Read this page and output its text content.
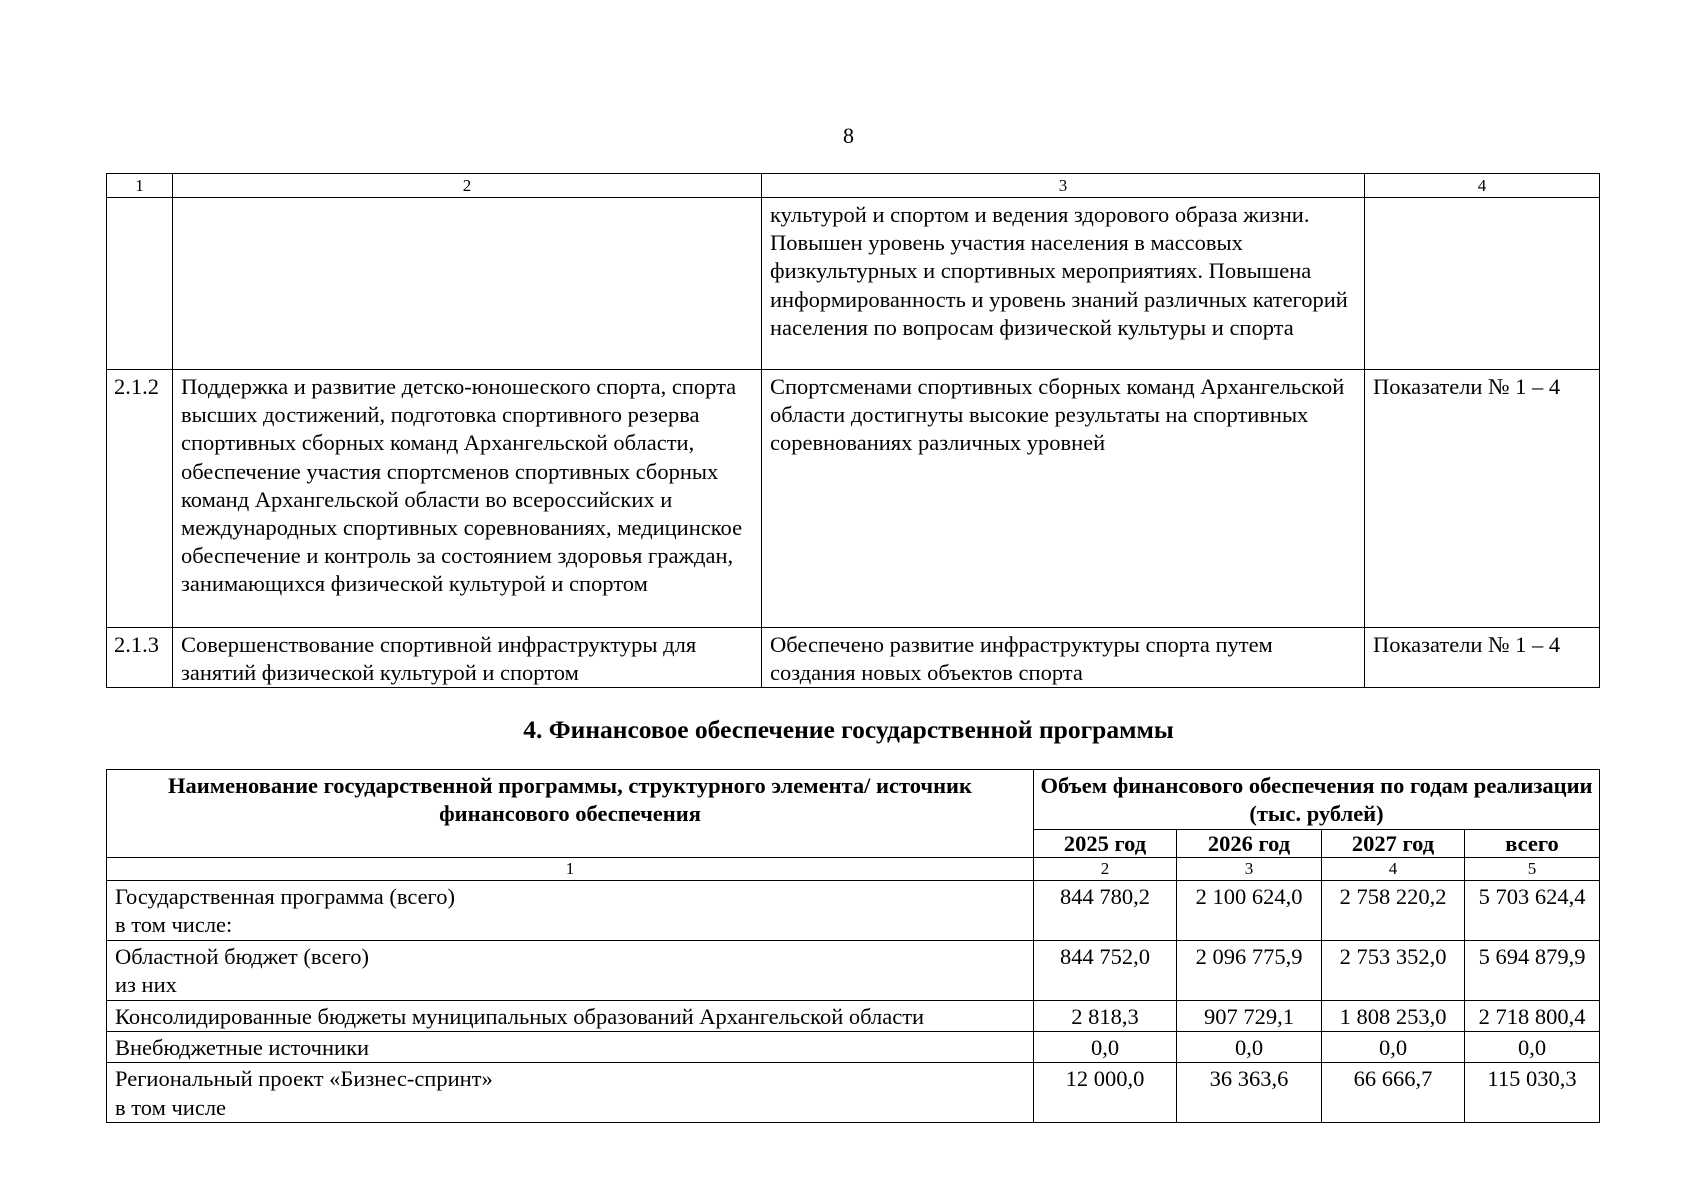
8
1	2	3	4
		культурой и спортом и ведения здорового образа жизни. Повышен уровень участия населения в массовых физкультурных и спортивных мероприятиях. Повышена информированность и уровень знаний различных категорий населения по вопросам физической культуры и спорта	
2.1.2	Поддержка и развитие детско-юношеского спорта, спорта высших достижений, подготовка спортивного резерва спортивных сборных команд Архангельской области, обеспечение участия спортсменов спортивных сборных команд Архангельской области во всероссийских и международных спортивных соревнованиях, медицинское обеспечение и контроль за состоянием здоровья граждан, занимающихся физической культурой и спортом	Спортсменами спортивных сборных команд Архангельской области достигнуты высокие результаты на спортивных соревнованиях различных уровней	Показатели № 1 – 4
2.1.3	Совершенствование спортивной инфраструктуры для занятий физической культурой и спортом	Обеспечено развитие инфраструктуры спорта путем создания новых объектов спорта	Показатели № 1 – 4
4. Финансовое обеспечение государственной программы
Наименование государственной программы, структурного элемента/ источник финансового обеспечения	Объем финансового обеспечения по годам реализации (тыс. рублей)			
	2025 год	2026 год	2027 год	всего
1	2	3	4	5

Государственная программа (всего)
в том числе:	844 780,2	2 100 624,0	2 758 220,2	5 703 624,4

Областной бюджет (всего)
из них	844 752,0	2 096 775,9	2 753 352,0	5 694 879,9
Консолидированные бюджеты муниципальных образований Архангельской области	2 818,3	907 729,1	1 808 253,0	2 718 800,4
Внебюджетные источники	0,0	0,0	0,0	0,0

Региональный проект «Бизнес-спринт»
в том числе	12 000,0	36 363,6	66 666,7	115 030,3
